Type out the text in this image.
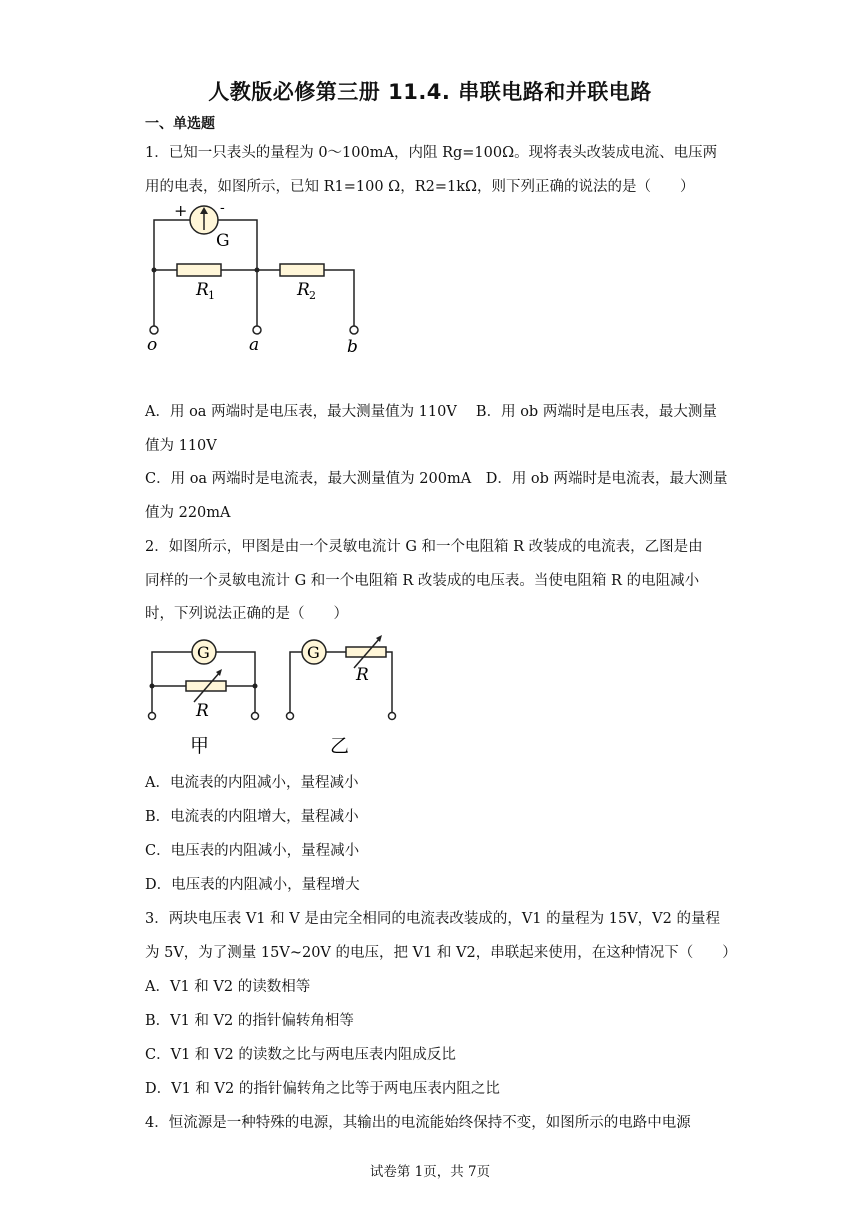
人教版必修第三册 11.4. 串联电路和并联电路
一、单选题
1．已知一只表头的量程为 0～100mA，内阻 Rg=100Ω。现将表头改装成电流、电压两
用的电表，如图所示，已知 R1=100 Ω，R2=1kΩ，则下列正确的说法的是（　　）
+ -
G
R 1	R 2
o	a	b
A．用 oa 两端时是电压表，最大测量值为 110V　 B．用 ob 两端时是电压表，最大测量
值为 110V
C．用 oa 两端时是电流表，最大测量值为 200mA　D．用 ob 两端时是电流表，最大测量
值为 220mA
2．如图所示，甲图是由一个灵敏电流计 G 和一个电阻箱 R 改装成的电流表，乙图是由
同样的一个灵敏电流计 G 和一个电阻箱 R 改装成的电压表。当使电阻箱 R 的电阻减小
时，下列说法正确的是（　　）
G	G
R
R
甲	乙
A．电流表的内阻减小，量程减小
B．电流表的内阻增大，量程减小
C．电压表的内阻减小，量程减小
D．电压表的内阻减小，量程增大
3．两块电压表 V1 和 V 是由完全相同的电流表改装成的，V1 的量程为 15V，V2 的量程
为 5V，为了测量 15V~20V 的电压，把 V1 和 V2，串联起来使用，在这种情况下（　　）
A．V1 和 V2 的读数相等
B．V1 和 V2 的指针偏转角相等
C．V1 和 V2 的读数之比与两电压表内阻成反比
D．V1 和 V2 的指针偏转角之比等于两电压表内阻之比
4．恒流源是一种特殊的电源，其输出的电流能始终保持不变，如图所示的电路中电源
试卷第 1页，共 7页
